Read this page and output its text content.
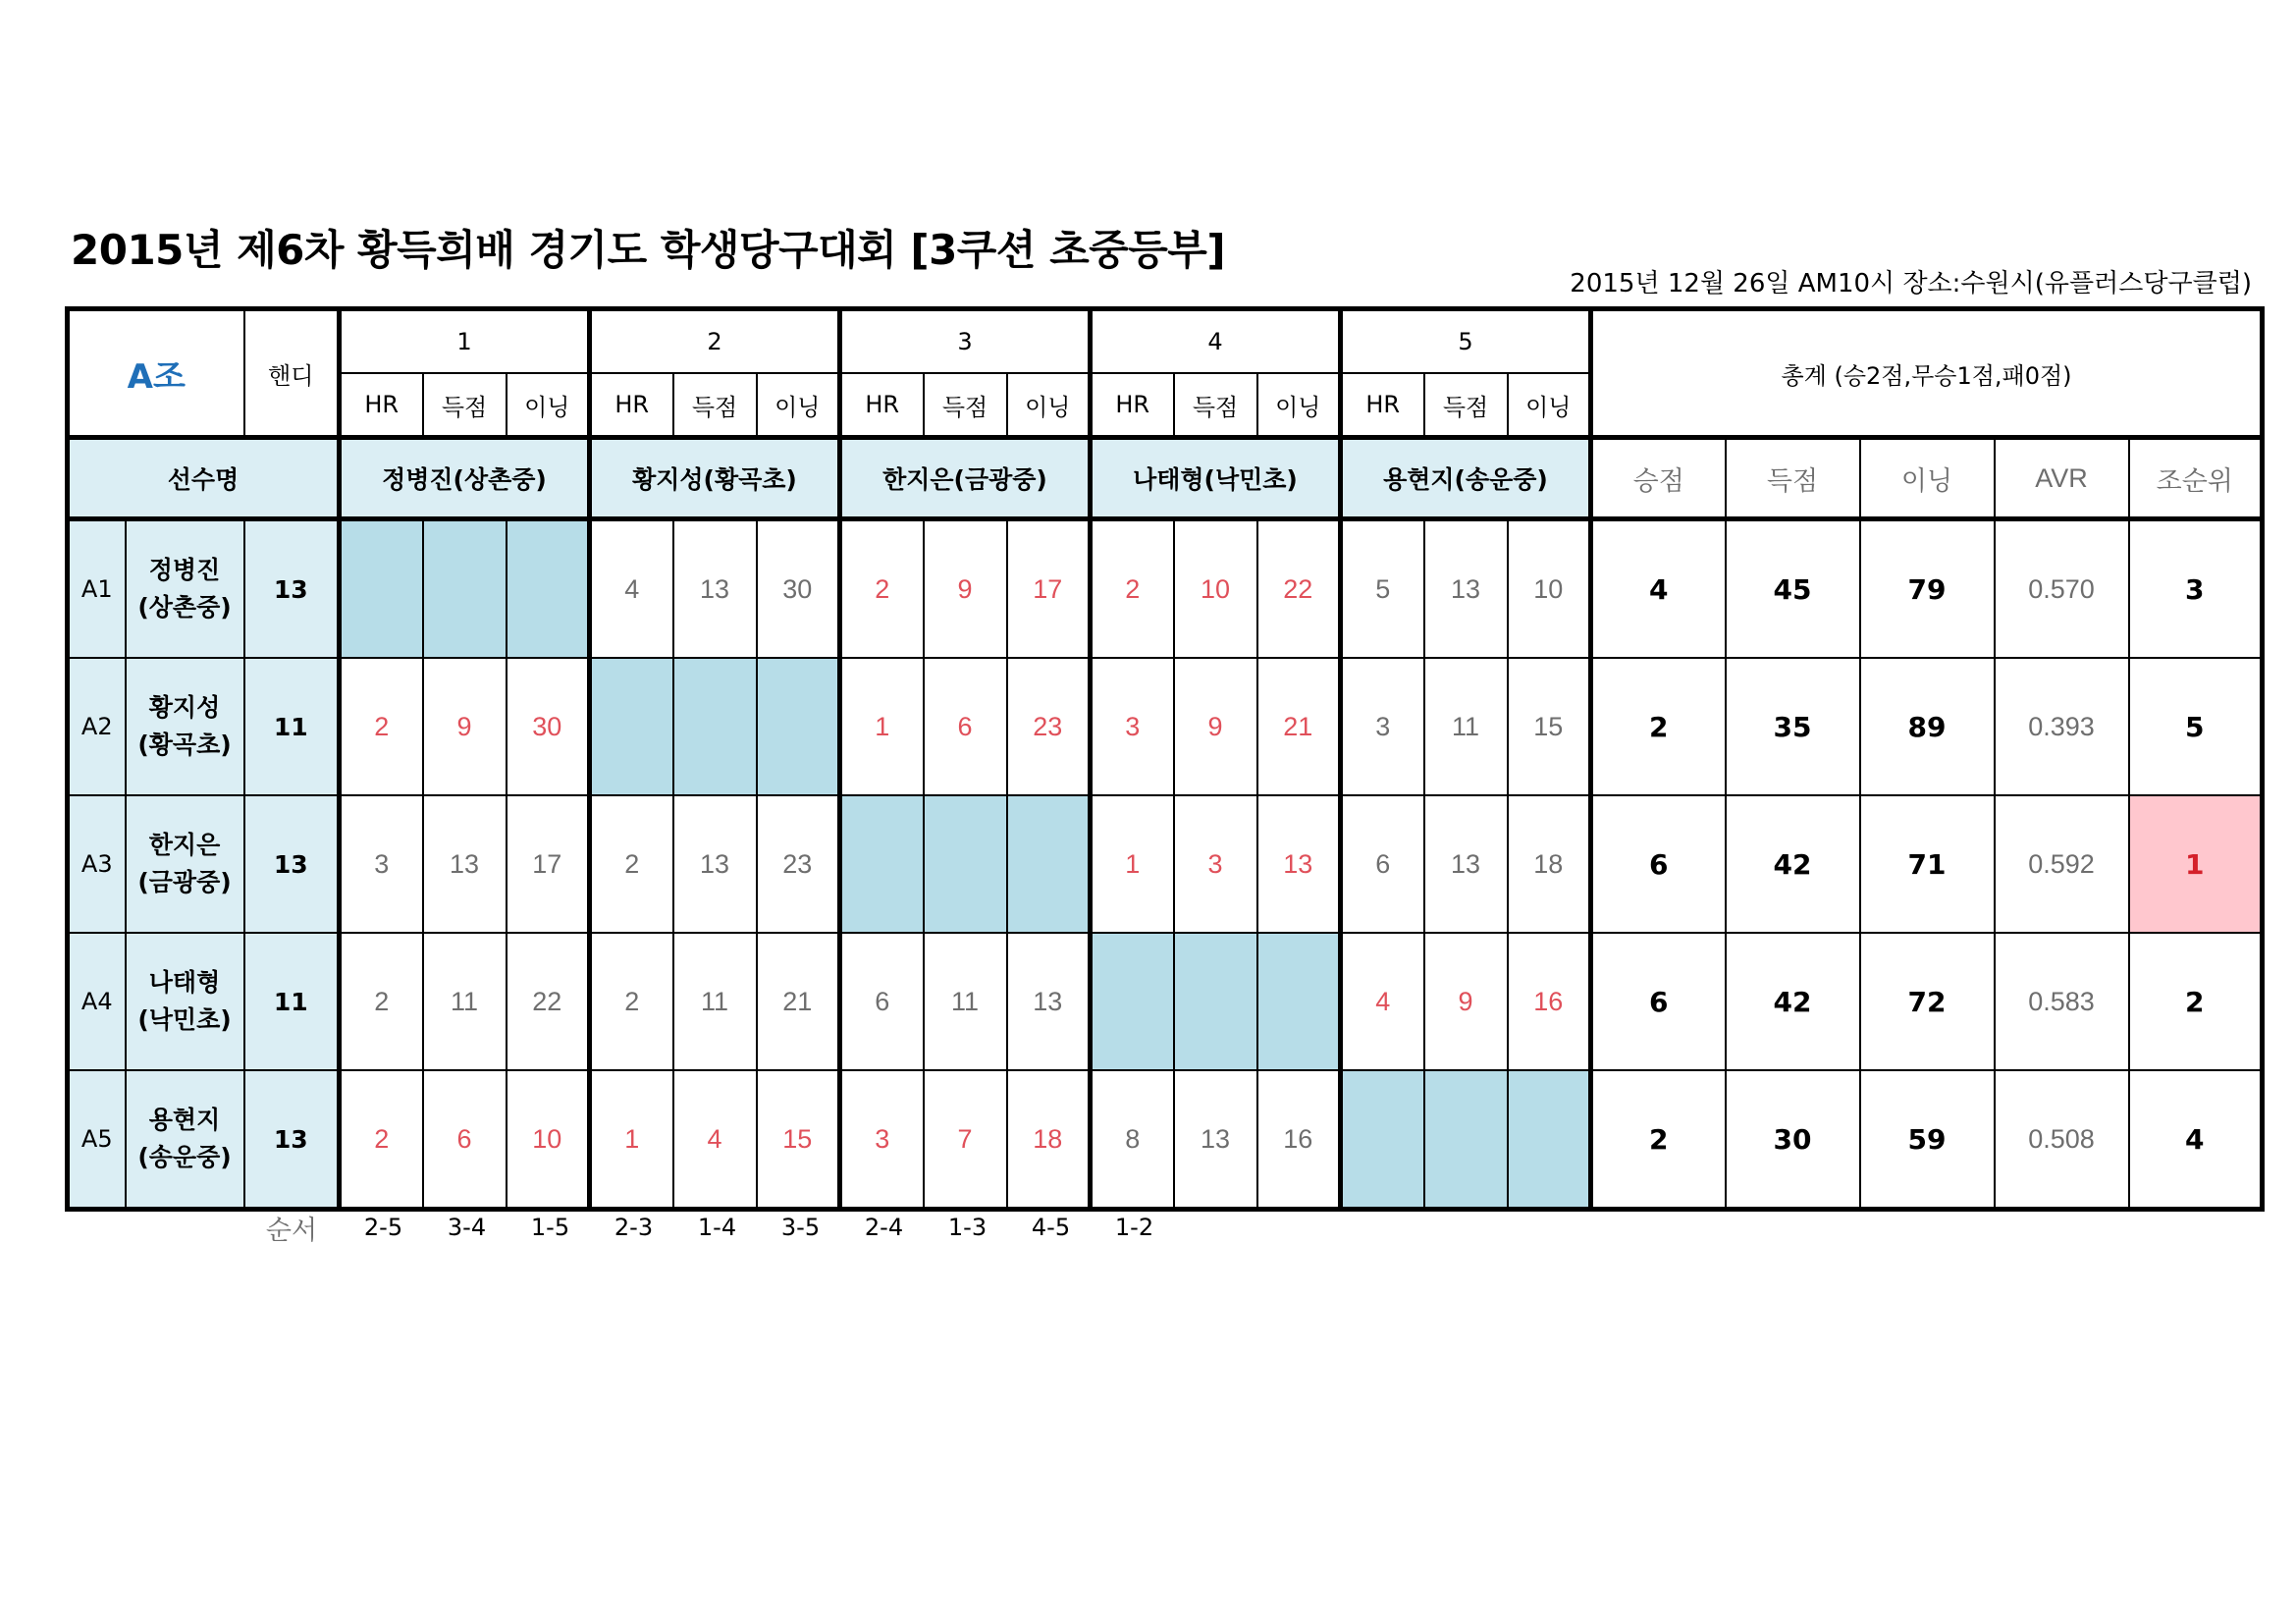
2015년 제6차 황득희배 경기도 학생당구대회 [3쿠션 초중등부]
2015년 12월 26일 AM10시 장소:수원시(유플러스당구클럽)
A조		핸디	1			2			3			4			5			총계 (승2점,무승1점,패0점)				
			HR	득점	이닝	HR	득점	이닝	HR	득점	이닝	HR	득점	이닝	HR	득점	이닝					
선수명			정병진(상촌중)			황지성(황곡초)			한지은(금광중)			나태형(낙민초)			용현지(송운중)			승점	득점	이닝	AVR	조순위
A1	정병진
(상촌중)	13				4	13	30	2	9	17	2	10	22	5	13	10	4	45	79	0.570	3
A2	황지성
(황곡초)	11	2	9	30				1	6	23	3	9	21	3	11	15	2	35	89	0.393	5
A3	한지은
(금광중)	13	3	13	17	2	13	23				1	3	13	6	13	18	6	42	71	0.592	1
A4	나태형
(낙민초)	11	2	11	22	2	11	21	6	11	13				4	9	16	6	42	72	0.583	2
A5	용현지
(송운중)	13	2	6	10	1	4	15	3	7	18	8	13	16				2	30	59	0.508	4
	순서	2-5	3-4	1-5	2-3	1-4	3-5	2-4	1-3	4-5	1-2
